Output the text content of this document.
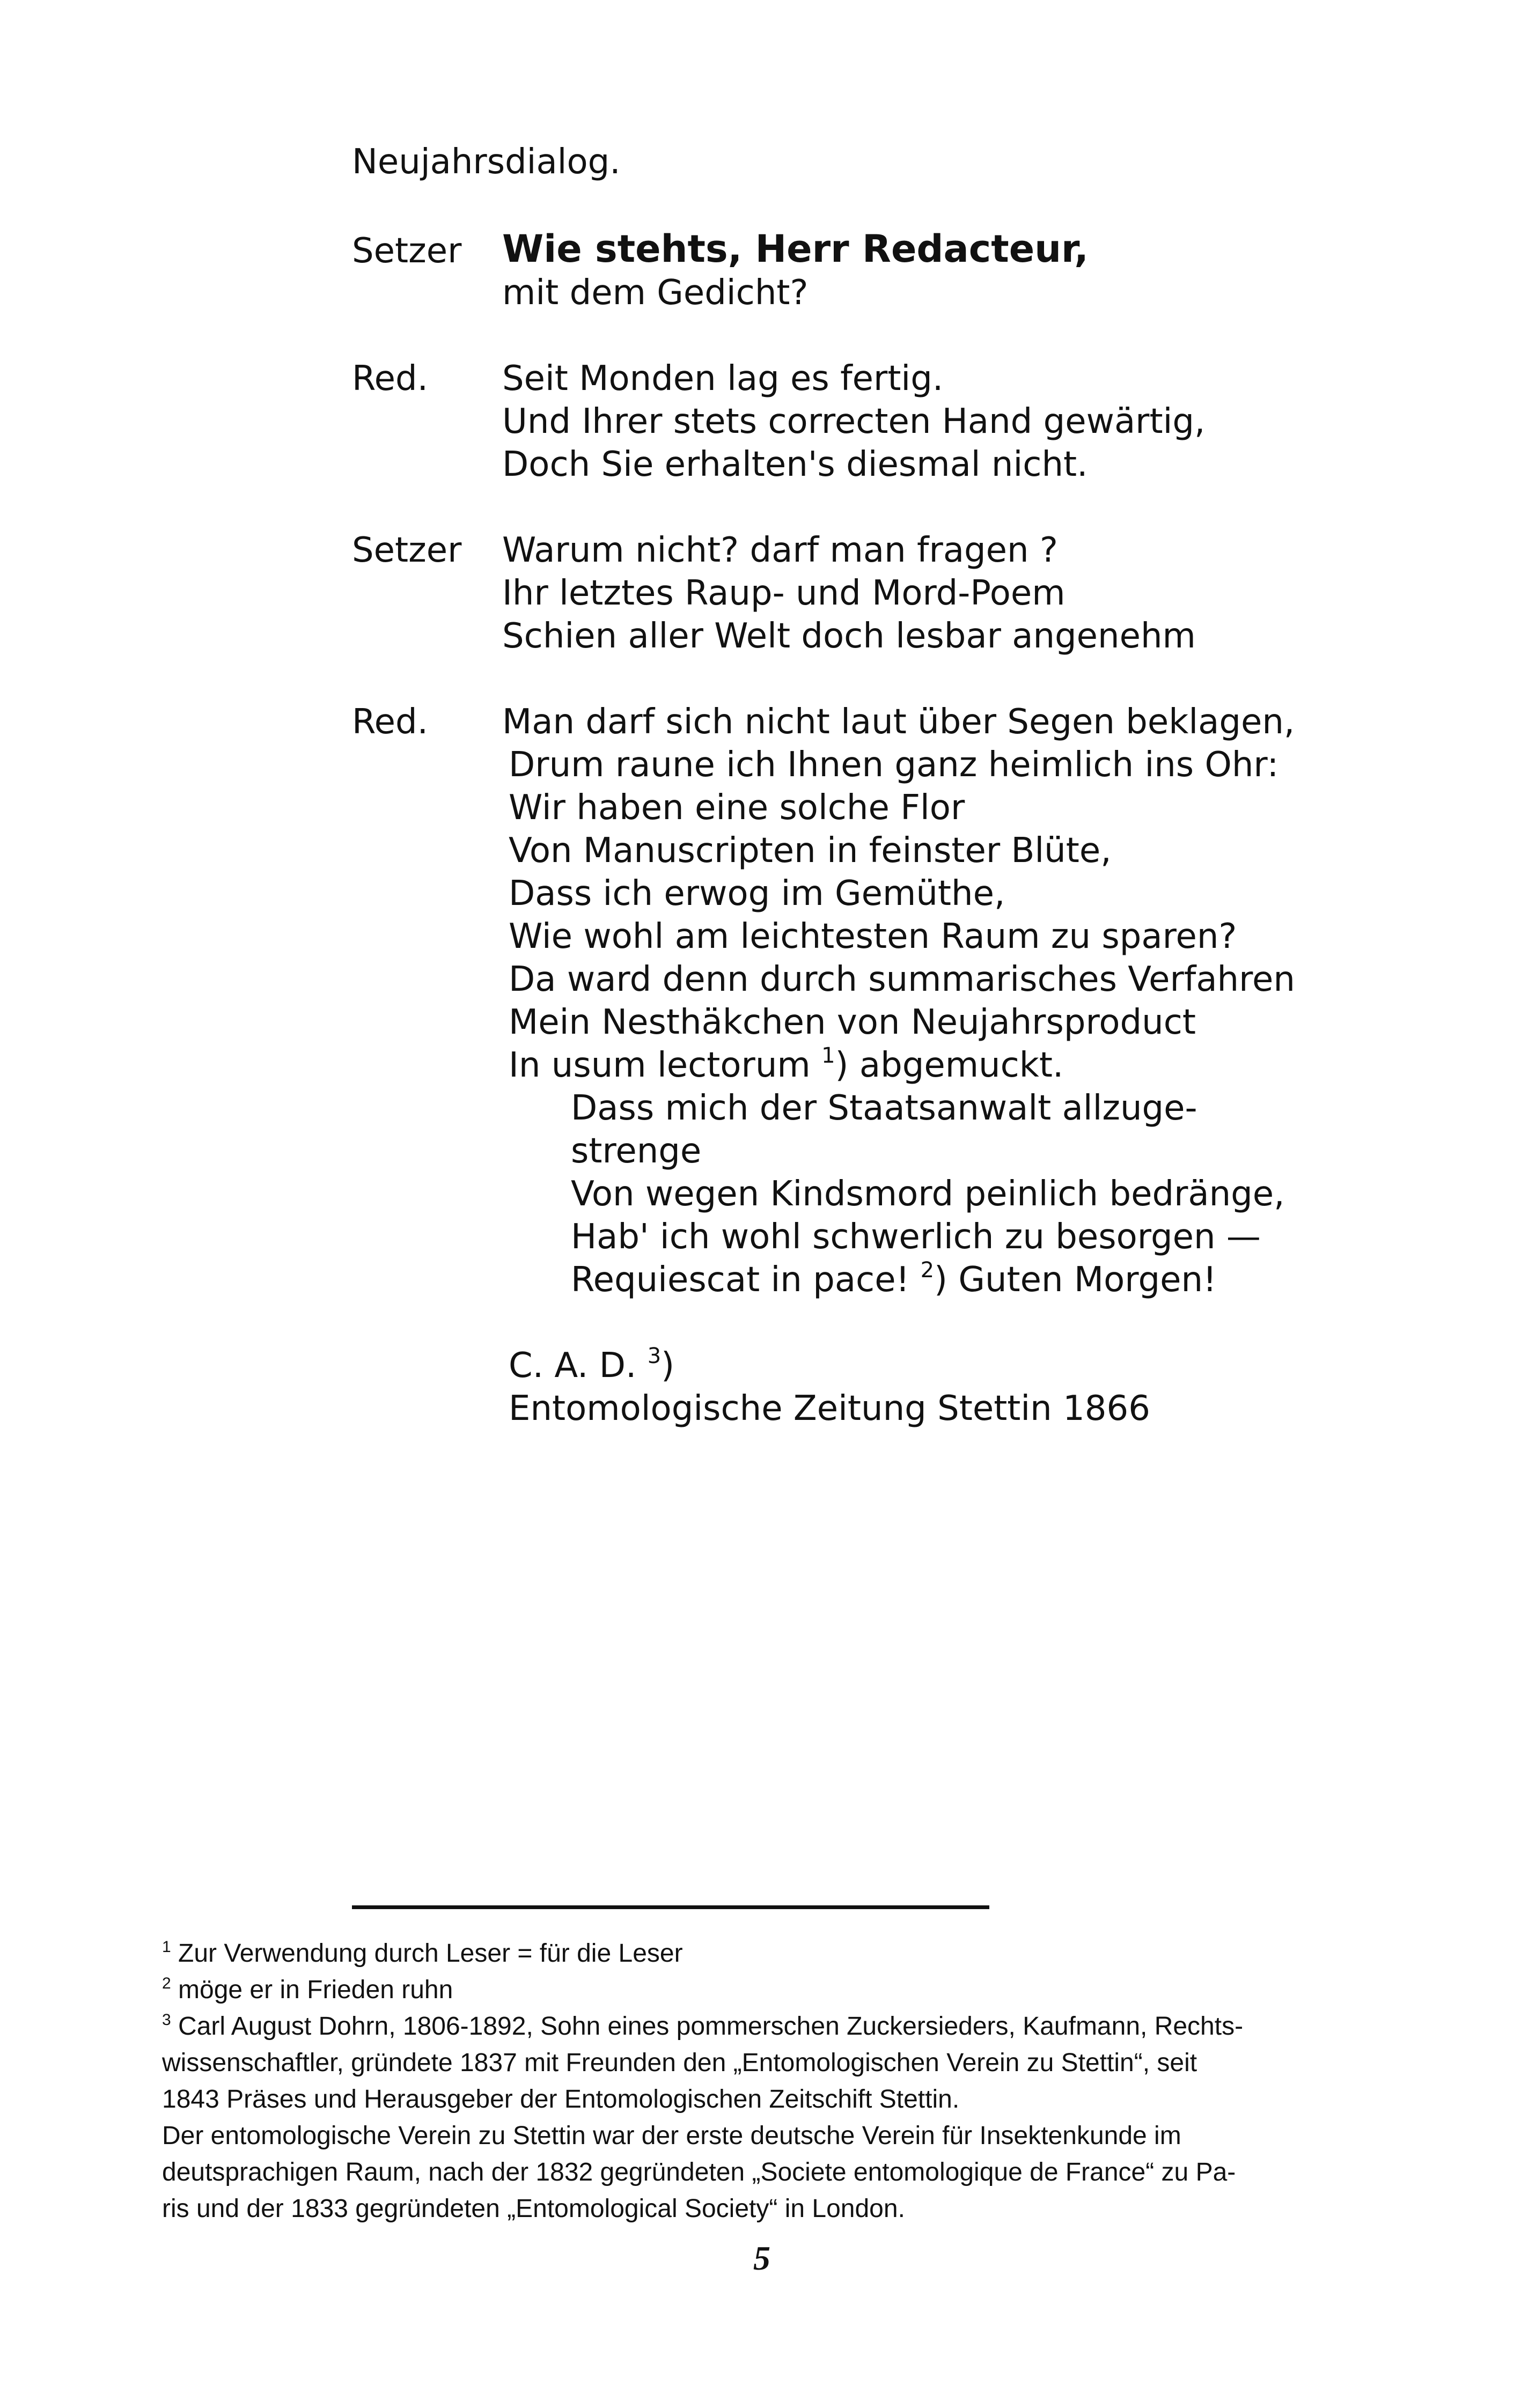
Neujahrsdialog.
Setzer Wie stehts, Herr Redacteur,
mit dem Gedicht?
Red. Seit Monden lag es fertig.
Und Ihrer stets correcten Hand gewärtig,
Doch Sie erhalten's diesmal nicht.
Setzer Warum nicht? darf man fragen ?
Ihr letztes Raup- und Mord-Poem
Schien aller Welt doch lesbar angenehm
Red. Man darf sich nicht laut über Segen beklagen,
Drum raune ich Ihnen ganz heimlich ins Ohr:
Wir haben eine solche Flor
Von Manuscripten in feinster Blüte,
Dass ich erwog im Gemüthe,
Wie wohl am leichtesten Raum zu sparen?
Da ward denn durch summarisches Verfahren
Mein Nesthäkchen von Neujahrsproduct
In usum lectorum $^1$) abgemuckt.
Dass mich der Staatsanwalt allzuge-
strenge
Von wegen Kindsmord peinlich bedränge,
Hab' ich wohl schwerlich zu besorgen —
Requiescat in pace! $^2$) Guten Morgen!
C. A. D. $^3$)
Entomologische Zeitung Stettin 1866
$^1$ Zur Verwendung durch Leser = für die Leser
$^2$ möge er in Frieden ruhn
$^3$ Carl August Dohrn, 1806-1892, Sohn eines pommerschen Zuckersieders, Kaufmann, Rechts-
wissenschaftler, gründete 1837 mit Freunden den „Entomologischen Verein zu Stettin“, seit
1843 Präses und Herausgeber der Entomologischen Zeitschift Stettin.
Der entomologische Verein zu Stettin war der erste deutsche Verein für Insektenkunde im
deutsprachigen Raum, nach der 1832 gegründeten „Societe entomologique de France“ zu Pa-
ris und der 1833 gegründeten „Entomological Society“ in London.
5
